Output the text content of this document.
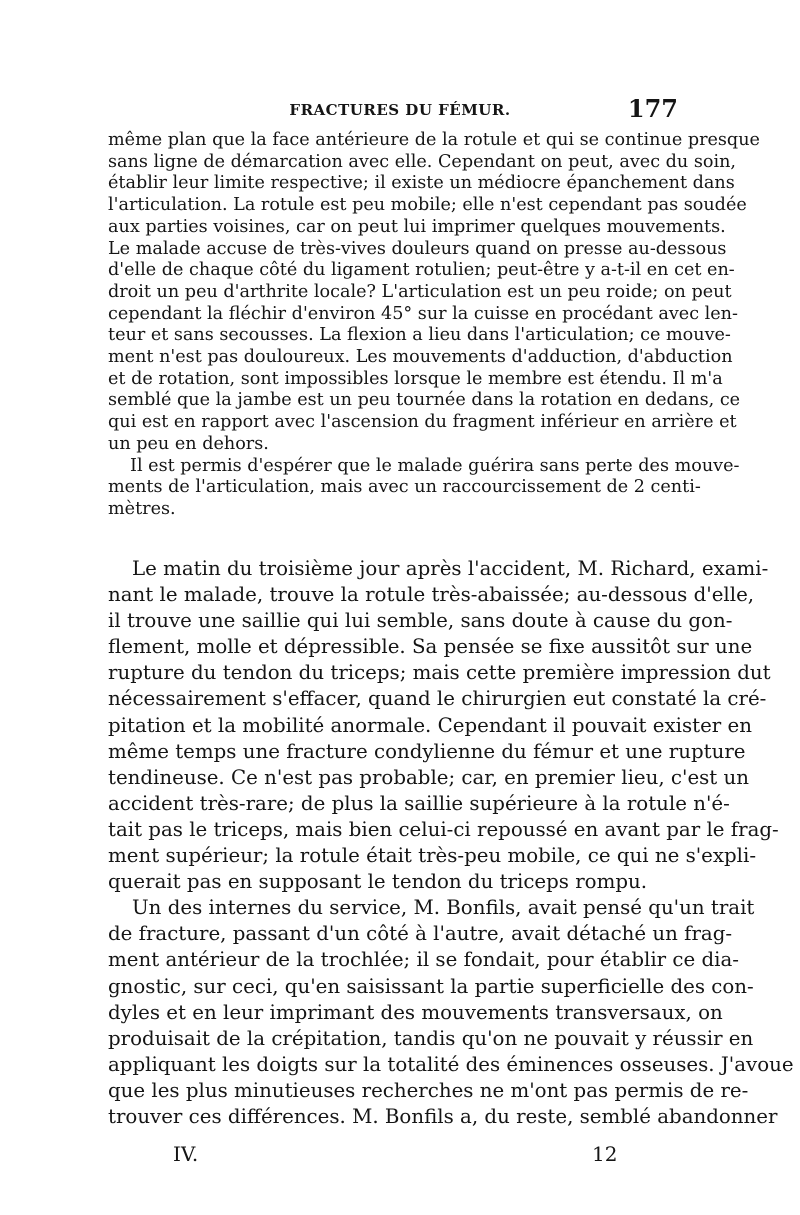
FRACTURES DU FÉMUR.	177
même plan que la face antérieure de la rotule et qui se continue presque
sans ligne de démarcation avec elle. Cependant on peut, avec du soin,
établir leur limite respective; il existe un médiocre épanchement dans
l'articulation. La rotule est peu mobile; elle n'est cependant pas soudée
aux parties voisines, car on peut lui imprimer quelques mouvements.
Le malade accuse de très-vives douleurs quand on presse au-dessous
d'elle de chaque côté du ligament rotulien; peut-être y a-t-il en cet en-
droit un peu d'arthrite locale? L'articulation est un peu roide; on peut
cependant la fléchir d'environ 45° sur la cuisse en procédant avec len-
teur et sans secousses. La flexion a lieu dans l'articulation; ce mouve-
ment n'est pas douloureux. Les mouvements d'adduction, d'abduction
et de rotation, sont impossibles lorsque le membre est étendu. Il m'a
semblé que la jambe est un peu tournée dans la rotation en dedans, ce
qui est en rapport avec l'ascension du fragment inférieur en arrière et
un peu en dehors.
Il est permis d'espérer que le malade guérira sans perte des mouve-
ments de l'articulation, mais avec un raccourcissement de 2 centi-
mètres.
Le matin du troisième jour après l'accident, M. Richard, exami-
nant le malade, trouve la rotule très-abaissée; au-dessous d'elle,
il trouve une saillie qui lui semble, sans doute à cause du gon-
flement, molle et dépressible. Sa pensée se fixe aussitôt sur une
rupture du tendon du triceps; mais cette première impression dut
nécessairement s'effacer, quand le chirurgien eut constaté la cré-
pitation et la mobilité anormale. Cependant il pouvait exister en
même temps une fracture condylienne du fémur et une rupture
tendineuse. Ce n'est pas probable; car, en premier lieu, c'est un
accident très-rare; de plus la saillie supérieure à la rotule n'é-
tait pas le triceps, mais bien celui-ci repoussé en avant par le frag-
ment supérieur; la rotule était très-peu mobile, ce qui ne s'expli-
querait pas en supposant le tendon du triceps rompu.
Un des internes du service, M. Bonfils, avait pensé qu'un trait
de fracture, passant d'un côté à l'autre, avait détaché un frag-
ment antérieur de la trochlée; il se fondait, pour établir ce dia-
gnostic, sur ceci, qu'en saisissant la partie superficielle des con-
dyles et en leur imprimant des mouvements transversaux, on
produisait de la crépitation, tandis qu'on ne pouvait y réussir en
appliquant les doigts sur la totalité des éminences osseuses. J'avoue
que les plus minutieuses recherches ne m'ont pas permis de re-
trouver ces différences. M. Bonfils a, du reste, semblé abandonner
IV.	12
